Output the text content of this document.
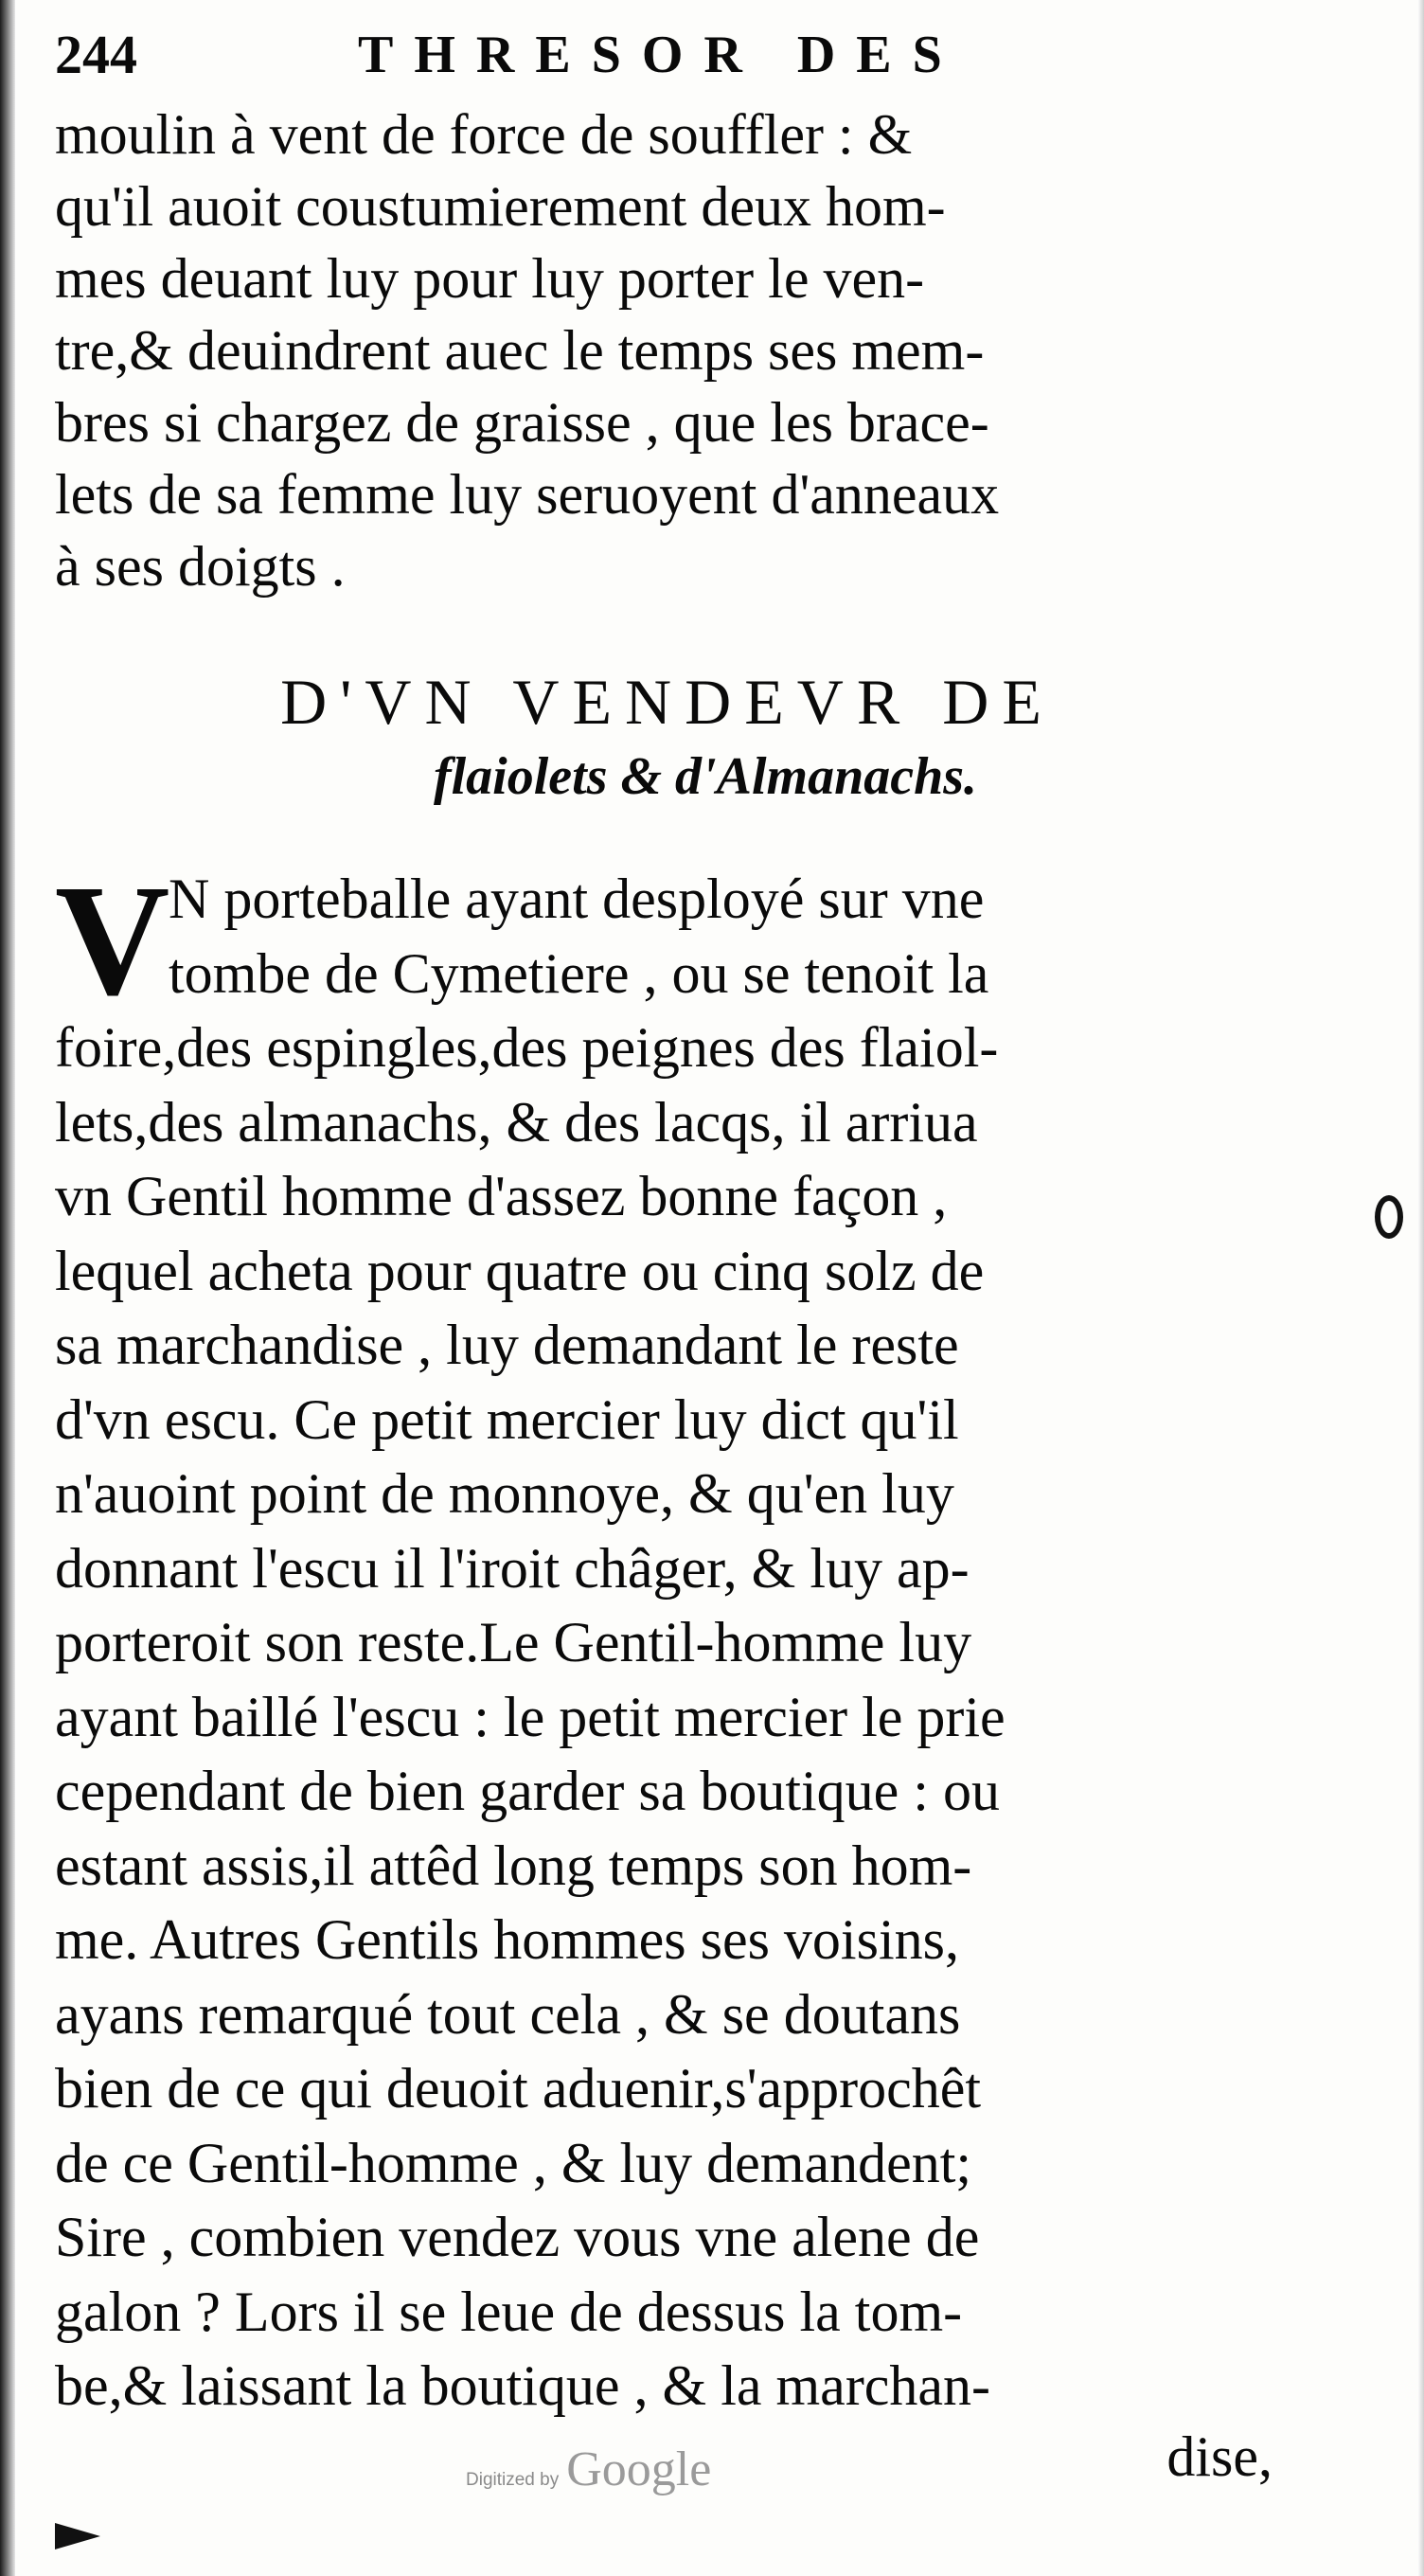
244	THRESOR DES
moulin à vent de force de souffler : &
qu'il auoit coustumierement deux hom-
mes deuant luy pour luy porter le ven-
tre,& deuindrent auec le temps ses mem-
bres si chargez de graisse , que les brace-
lets de sa femme luy seruoyent d'anneaux
à ses doigts .
D'VN VENDEVR DE
flaiolets & d'Almanachs.
V
N porteballe ayant desployé sur vne
tombe de Cymetiere , ou se tenoit la
foire,des espingles,des peignes des flaiol-
lets,des almanachs, & des lacqs, il arriua
vn Gentil homme d'assez bonne façon ,
lequel acheta pour quatre ou cinq solz de
sa marchandise , luy demandant le reste
d'vn escu. Ce petit mercier luy dict qu'il
n'auoint point de monnoye, & qu'en luy
donnant l'escu il l'iroit châger, & luy ap-
porteroit son reste.Le Gentil-homme luy
ayant baillé l'escu : le petit mercier le prie
cependant de bien garder sa boutique : ou
estant assis,il attêd long temps son hom-
me. Autres Gentils hommes ses voisins,
ayans remarqué tout cela , & se doutans
bien de ce qui deuoit aduenir,s'approchêt
de ce Gentil-homme , & luy demandent;
Sire , combien vendez vous vne alene de
galon ? Lors il se leue de dessus la tom-
be,& laissant la boutique , & la marchan-
dise,
Digitized by Google
